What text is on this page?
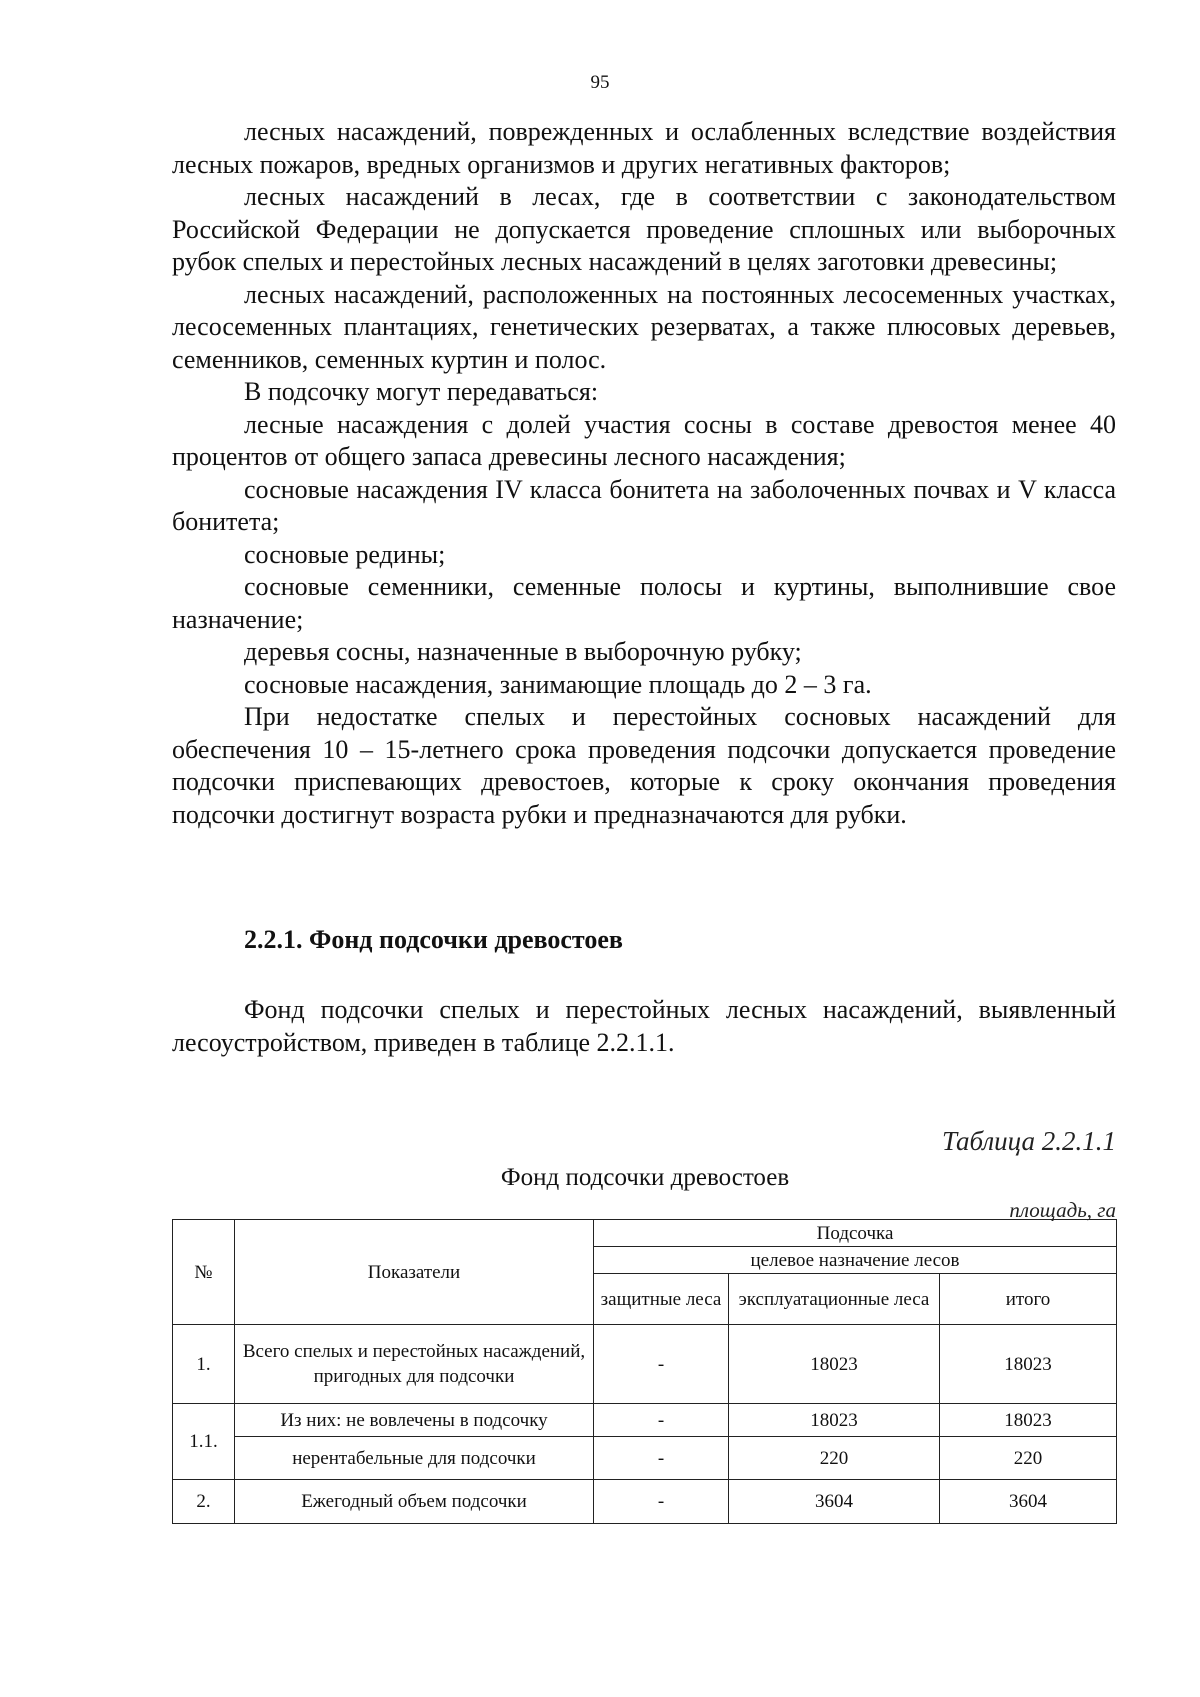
95

лесных насаждений, поврежденных и ослабленных вследствие воздействия лесных пожаров, вредных организмов и других негативных факторов;

лесных насаждений в лесах, где в соответствии с законодательством Российской Федерации не допускается проведение сплошных или выборочных рубок спелых и перестойных лесных насаждений в целях заготовки древесины;

лесных насаждений, расположенных на постоянных лесосеменных участках, лесосеменных плантациях, генетических резерватах, а также плюсовых деревьев, семенников, семенных куртин и полос.

В подсочку могут передаваться:

лесные насаждения с долей участия сосны в составе древостоя менее 40 процентов от общего запаса древесины лесного насаждения;

сосновые насаждения IV класса бонитета на заболоченных почвах и V класса бонитета;

сосновые редины;

сосновые семенники, семенные полосы и куртины, выполнившие свое назначение;

деревья сосны, назначенные в выборочную рубку;

сосновые насаждения, занимающие площадь до 2 – 3 га.

При недостатке спелых и перестойных сосновых насаждений для обеспечения 10 – 15-летнего срока проведения подсочки допускается проведение подсочки приспевающих древостоев, которые к сроку окончания проведения подсочки достигнут возраста рубки и предназначаются для рубки.

2.2.1. Фонд подсочки древостоев

Фонд подсочки спелых и перестойных лесных насаждений, выявленный лесоустройством, приведен в таблице 2.2.1.1.

Таблица 2.2.1.1
Фонд подсочки древостоев
площадь, га
№	Показатели	Подсочка		
		целевое назначение лесов		
		защитные леса	эксплуатационные леса	итого
1.	Всего спелых и перестойных насаждений, пригодных для подсочки	-	18023	18023
1.1.	Из них: не вовлечены в подсочку	-	18023	18023
	нерентабельные для подсочки	-	220	220
2.	Ежегодный объем подсочки	-	3604	3604
